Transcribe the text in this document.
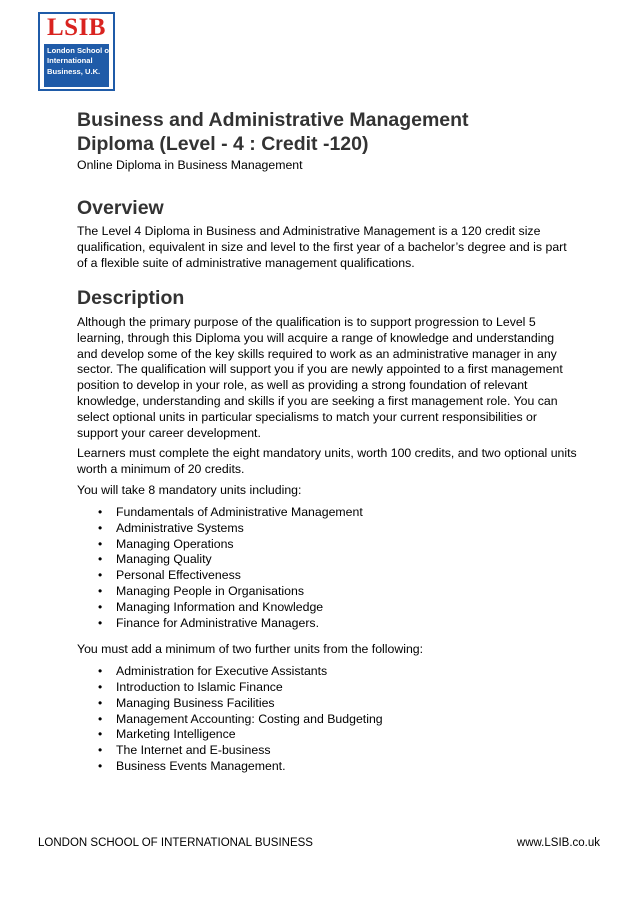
LSIB
London School of
International
Business, U.K.
Business and Administrative Management
Diploma (Level - 4 : Credit -120)

Online Diploma in Business Management

Overview

The Level 4 Diploma in Business and Administrative Management is a 120 credit size qualification, equivalent in size and level to the first year of a bachelor’s degree and is part of a flexible suite of administrative management qualifications.

Description

Although the primary purpose of the qualification is to support progression to Level 5 learning, through this Diploma you will acquire a range of knowledge and understanding and develop some of the key skills required to work as an administrative manager in any sector. The qualification will support you if you are newly appointed to a first management position to develop in your role, as well as providing a strong foundation of relevant knowledge, understanding and skills if you are seeking a first management role. You can select optional units in particular specialisms to match your current responsibilities or support your career development.

Learners must complete the eight mandatory units, worth 100 credits, and two optional units worth a minimum of 20 credits.

You will take 8 mandatory units including:

• Fundamentals of Administrative Management
• Administrative Systems
• Managing Operations
• Managing Quality
• Personal Effectiveness
• Managing People in Organisations
• Managing Information and Knowledge
• Finance for Administrative Managers.

You must add a minimum of two further units from the following:

• Administration for Executive Assistants
• Introduction to Islamic Finance
• Managing Business Facilities
• Management Accounting: Costing and Budgeting
• Marketing Intelligence
• The Internet and E-business
• Business Events Management.
LONDON SCHOOL OF INTERNATIONAL BUSINESS	www.LSIB.co.uk
